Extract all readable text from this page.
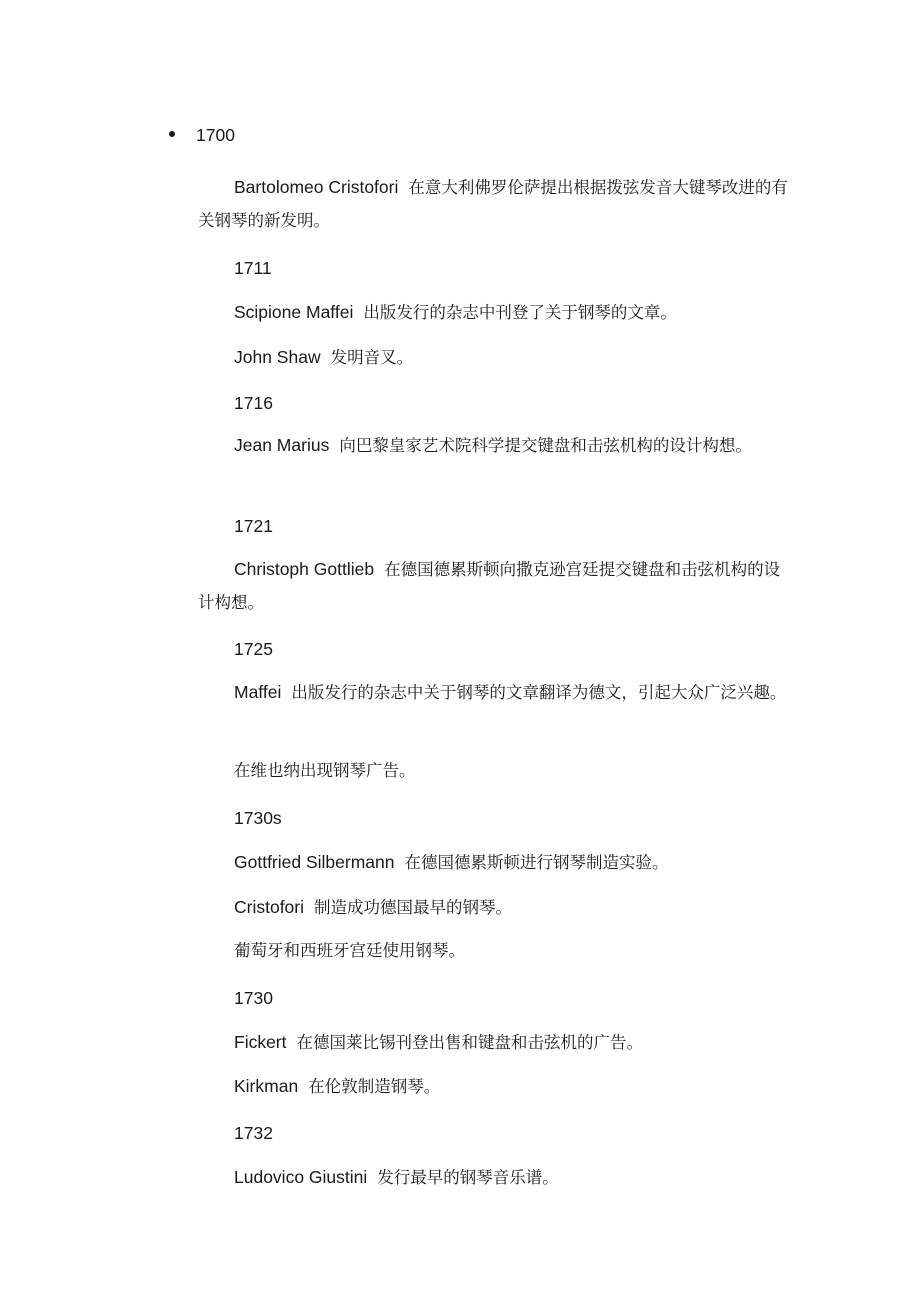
1700
Bartolomeo Cristofori 在意大利佛罗伦萨提出根据拨弦发音大键琴改进的有关钢琴的新发明。
1711
Scipione Maffei 出版发行的杂志中刊登了关于钢琴的文章。
John Shaw 发明音叉。
1716
Jean Marius 向巴黎皇家艺术院科学提交键盘和击弦机构的设计构想。
1721
Christoph Gottlieb 在德国德累斯顿向撒克逊宫廷提交键盘和击弦机构的设计构想。
1725
Maffei 出版发行的杂志中关于钢琴的文章翻译为德文，引起大众广泛兴趣。
在维也纳出现钢琴广告。
1730s
Gottfried Silbermann 在德国德累斯顿进行钢琴制造实验。
Cristofori 制造成功德国最早的钢琴。
葡萄牙和西班牙宫廷使用钢琴。
1730
Fickert 在德国莱比锡刊登出售和键盘和击弦机的广告。
Kirkman 在伦敦制造钢琴。
1732
Ludovico Giustini 发行最早的钢琴音乐谱。
